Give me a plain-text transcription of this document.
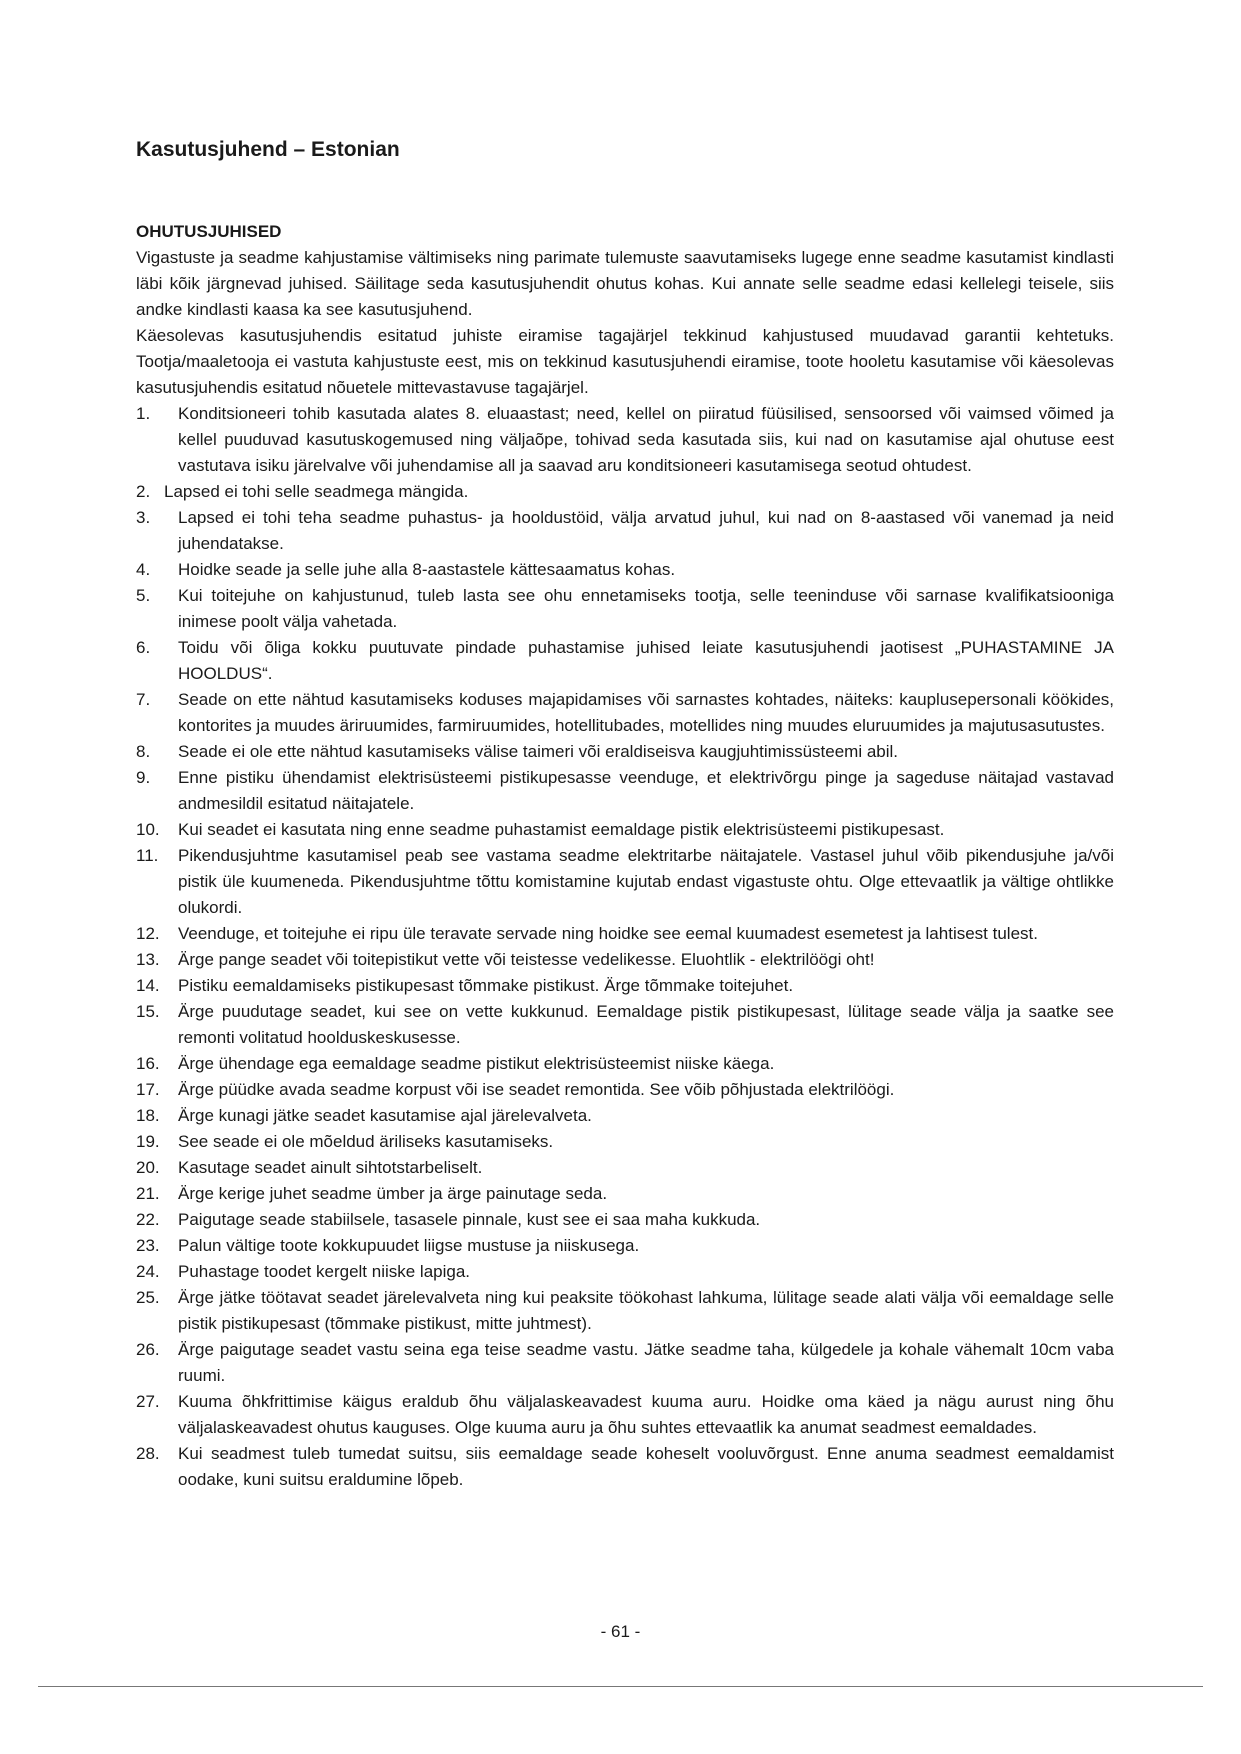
Kasutusjuhend – Estonian
OHUTUSJUHISED

Vigastuste ja seadme kahjustamise vältimiseks ning parimate tulemuste saavutamiseks lugege enne seadme kasutamist kindlasti läbi kõik järgnevad juhised. Säilitage seda kasutusjuhendit ohutus kohas. Kui annate selle seadme edasi kellelegi teisele, siis andke kindlasti kaasa ka see kasutusjuhend.

Käesolevas kasutusjuhendis esitatud juhiste eiramise tagajärjel tekkinud kahjustused muudavad garantii kehtetuks. Tootja/maaletooja ei vastuta kahjustuste eest, mis on tekkinud kasutusjuhendi eiramise, toote hooletu kasutamise või käesolevas kasutusjuhendis esitatud nõuetele mittevastavuse tagajärjel.

1.	Konditsioneeri tohib kasutada alates 8. eluaastast; need, kellel on piiratud füüsilised, sensoorsed või vaimsed võimed ja kellel puuduvad kasutuskogemused ning väljaõpe, tohivad seda kasutada siis, kui nad on kasutamise ajal ohutuse eest vastutava isiku järelvalve või juhendamise all ja saavad aru konditsioneeri kasutamisega seotud ohtudest.
2. Lapsed ei tohi selle seadmega mängida.
3.	Lapsed ei tohi teha seadme puhastus- ja hooldustöid, välja arvatud juhul, kui nad on 8-aastased või vanemad ja neid juhendatakse.
4.	Hoidke seade ja selle juhe alla 8-aastastele kättesaamatus kohas.
5.	Kui toitejuhe on kahjustunud, tuleb lasta see ohu ennetamiseks tootja, selle teeninduse või sarnase kvalifikatsiooniga inimese poolt välja vahetada.
6.	Toidu või õliga kokku puutuvate pindade puhastamise juhised leiate kasutusjuhendi jaotisest „PUHASTAMINE JA HOOLDUS“.
7.	Seade on ette nähtud kasutamiseks koduses majapidamises või sarnastes kohtades, näiteks: kauplusepersonali köökides, kontorites ja muudes äriruumides, farmiruumides, hotellitubades, motellides ning muudes eluruumides ja majutusasutustes.
8.	Seade ei ole ette nähtud kasutamiseks välise taimeri või eraldiseisva kaugjuhtimissüsteemi abil.
9.	Enne pistiku ühendamist elektrisüsteemi pistikupesasse veenduge, et elektrivõrgu pinge ja sageduse näitajad vastavad andmesildil esitatud näitajatele.
10.	Kui seadet ei kasutata ning enne seadme puhastamist eemaldage pistik elektrisüsteemi pistikupesast.
11.	Pikendusjuhtme kasutamisel peab see vastama seadme elektritarbe näitajatele. Vastasel juhul võib pikendusjuhe ja/või pistik üle kuumeneda. Pikendusjuhtme tõttu komistamine kujutab endast vigastuste ohtu. Olge ettevaatlik ja vältige ohtlikke olukordi.
12.	Veenduge, et toitejuhe ei ripu üle teravate servade ning hoidke see eemal kuumadest esemetest ja lahtisest tulest.
13.	Ärge pange seadet või toitepistikut vette või teistesse vedelikesse. Eluohtlik - elektrilöögi oht!
14.	Pistiku eemaldamiseks pistikupesast tõmmake pistikust. Ärge tõmmake toitejuhet.
15.	Ärge puudutage seadet, kui see on vette kukkunud. Eemaldage pistik pistikupesast, lülitage seade välja ja saatke see remonti volitatud hoolduskeskusesse.
16.	Ärge ühendage ega eemaldage seadme pistikut elektrisüsteemist niiske käega.
17.	Ärge püüdke avada seadme korpust või ise seadet remontida. See võib põhjustada elektrilöögi.
18.	Ärge kunagi jätke seadet kasutamise ajal järelevalveta.
19.	See seade ei ole mõeldud äriliseks kasutamiseks.
20.	Kasutage seadet ainult sihtotstarbeliselt.
21.	Ärge kerige juhet seadme ümber ja ärge painutage seda.
22.	Paigutage seade stabiilsele, tasasele pinnale, kust see ei saa maha kukkuda.
23.	Palun vältige toote kokkupuudet liigse mustuse ja niiskusega.
24.	Puhastage toodet kergelt niiske lapiga.
25.	Ärge jätke töötavat seadet järelevalveta ning kui peaksite töökohast lahkuma, lülitage seade alati välja või eemaldage selle pistik pistikupesast (tõmmake pistikust, mitte juhtmest).
26.	Ärge paigutage seadet vastu seina ega teise seadme vastu. Jätke seadme taha, külgedele ja kohale vähemalt 10cm vaba ruumi.
27.	Kuuma õhkfrittimise käigus eraldub õhu väljalaskeavadest kuuma auru. Hoidke oma käed ja nägu aurust ning õhu väljalaskeavadest ohutus kauguses. Olge kuuma auru ja õhu suhtes ettevaatlik ka anumat seadmest eemaldades.
28.	Kui seadmest tuleb tumedat suitsu, siis eemaldage seade koheselt vooluvõrgust. Enne anuma seadmest eemaldamist oodake, kuni suitsu eraldumine lõpeb.
- 61 -
